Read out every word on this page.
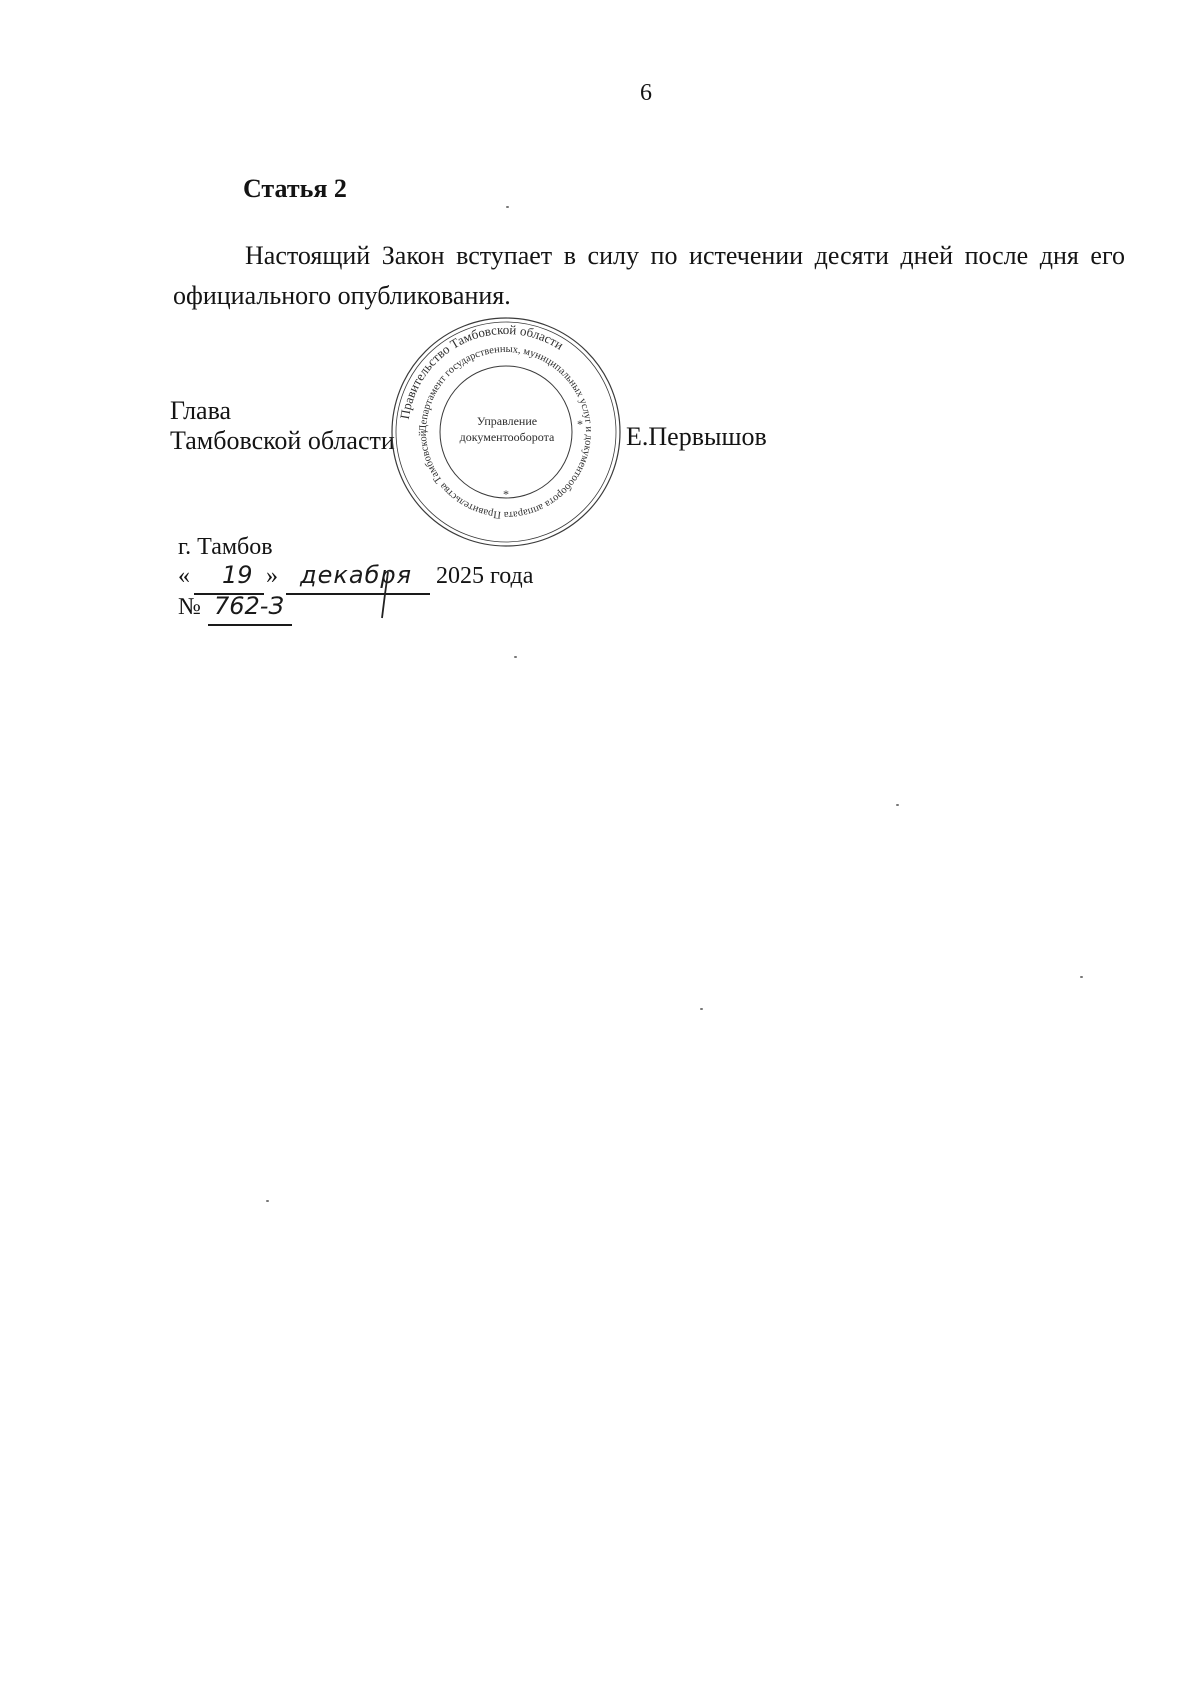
6
Статья 2
Настоящий Закон вступает в силу по истечении десяти дней после дня его официального опубликования.
Глава
Тамбовской области
Правительство Тамбовской области
Департамент государственных, муниципальных услуг и документооборота аппарата Правительства Тамбовской области
*
*
Управление
документооборота	Е.Первышов
г. Тамбов
« 19 » декабря 2025 года
№ 762-З
